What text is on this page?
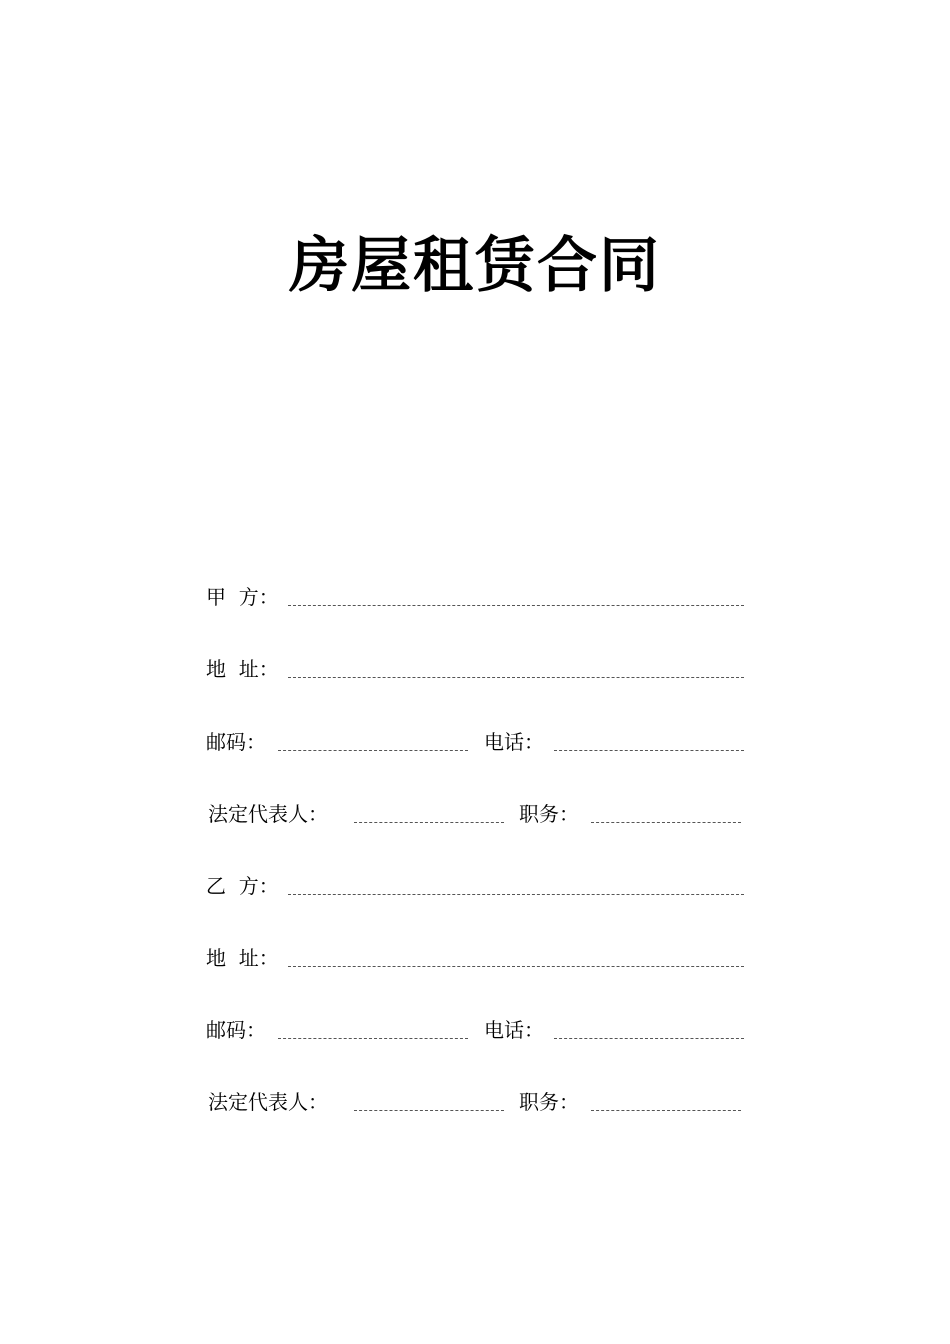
房屋租赁合同
甲  方：
地  址：
邮码：	电话：
法定代表人：	职务：
乙  方：
地  址：
邮码：	电话：
法定代表人：	职务：
